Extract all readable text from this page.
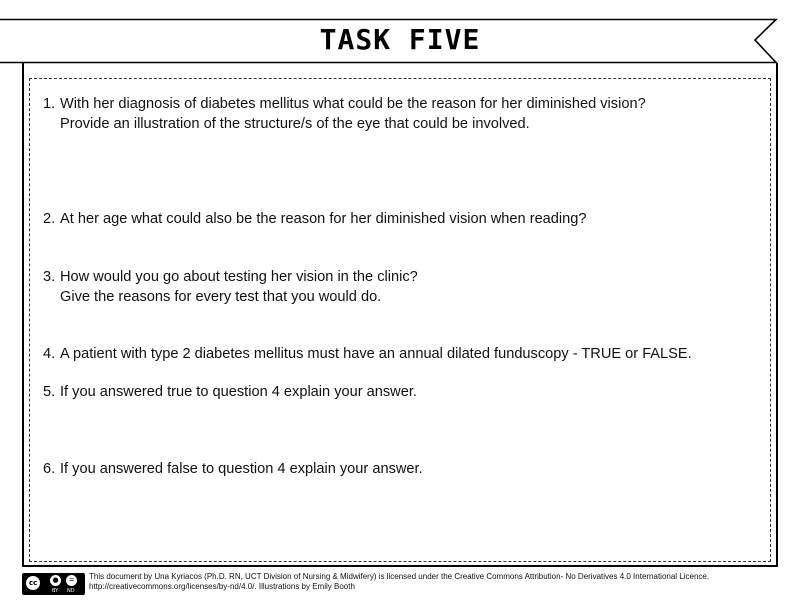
TASK FIVE
1. With her diagnosis of diabetes mellitus what could be the reason for her diminished vision?
Provide an illustration of the structure/s of the eye that could be involved.
2. At her age what could also be the reason for her diminished vision when reading?
3. How would you go about testing her vision in the clinic?
Give the reasons for every test that you would do.
4. A patient with type 2 diabetes mellitus must have an annual dilated funduscopy - TRUE or FALSE.
5. If you answered true to question 4 explain your answer.
6. If you answered false to question 4 explain your answer.
cc	●	=
BY ND
This document by Una Kyriacos (Ph.D. RN, UCT Division of Nursing & Midwifery) is licensed under the Creative Commons Attribution- No Derivatives 4.0 International Licence.
http://creativecommons.org/licenses/by-nd/4.0/. Illustrations by Emily Booth
